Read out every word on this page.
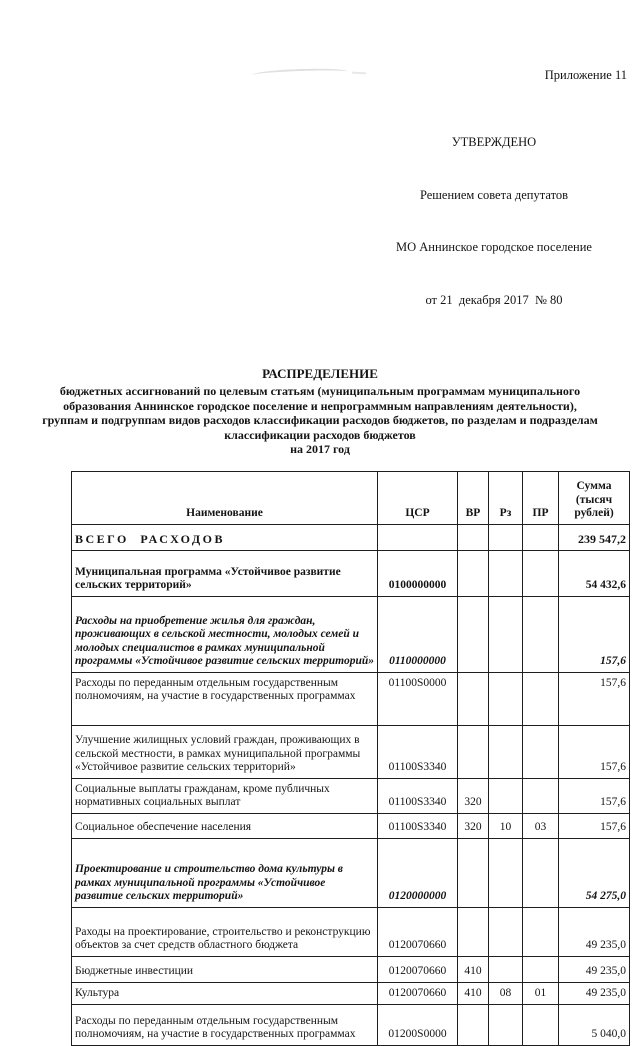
Приложение 11

УТВЕРЖДЕНО

Решением совета депутатов

МО Аннинское городское поселение

от 21  декабря 2017  № 80

РАСПРЕДЕЛЕНИЕ
бюджетных ассигнований по целевым статьям (муниципальным программам муниципального образования Аннинское городское поселение и непрограммным направлениям деятельности), группам и подгруппам видов расходов классификации расходов бюджетов, по разделам и подразделам классификации расходов бюджетов
на 2017 год
Наименование	ЦСР	ВР	Рз	ПР	Сумма (тысяч рублей)
ВСЕГО РАСХОДОВ					239 547,2
Муниципальная программа «Устойчивое развитие сельских территорий»	0100000000				54 432,6
Расходы на приобретение жилья для граждан, проживающих в сельской местности, молодых семей и молодых специалистов в рамках муниципальной программы «Устойчивое развитие сельских территорий»	0110000000				157,6
Расходы по переданным отдельным государственным полномочиям, на участие в государственных программах	01100S0000				157,6
Улучшение жилищных условий граждан, проживающих в сельской местности, в рамках муниципальной программы «Устойчивое развитие сельских территорий»	01100S3340				157,6
Социальные выплаты гражданам, кроме публичных нормативных социальных выплат	01100S3340	320			157,6
Социальное обеспечение населения	01100S3340	320	10	03	157,6
Проектирование и строительство дома культуры в рамках муниципальной программы «Устойчивое развитие сельских территорий»	0120000000				54 275,0
Раходы на проектирование, строительство и реконструкцию объектов за счет средств областного бюджета	0120070660				49 235,0
Бюджетные инвестиции	0120070660	410			49 235,0
Культура	0120070660	410	08	01	49 235,0
Расходы по переданным отдельным государственным полномочиям, на участие в государственных программах	01200S0000				5 040,0
